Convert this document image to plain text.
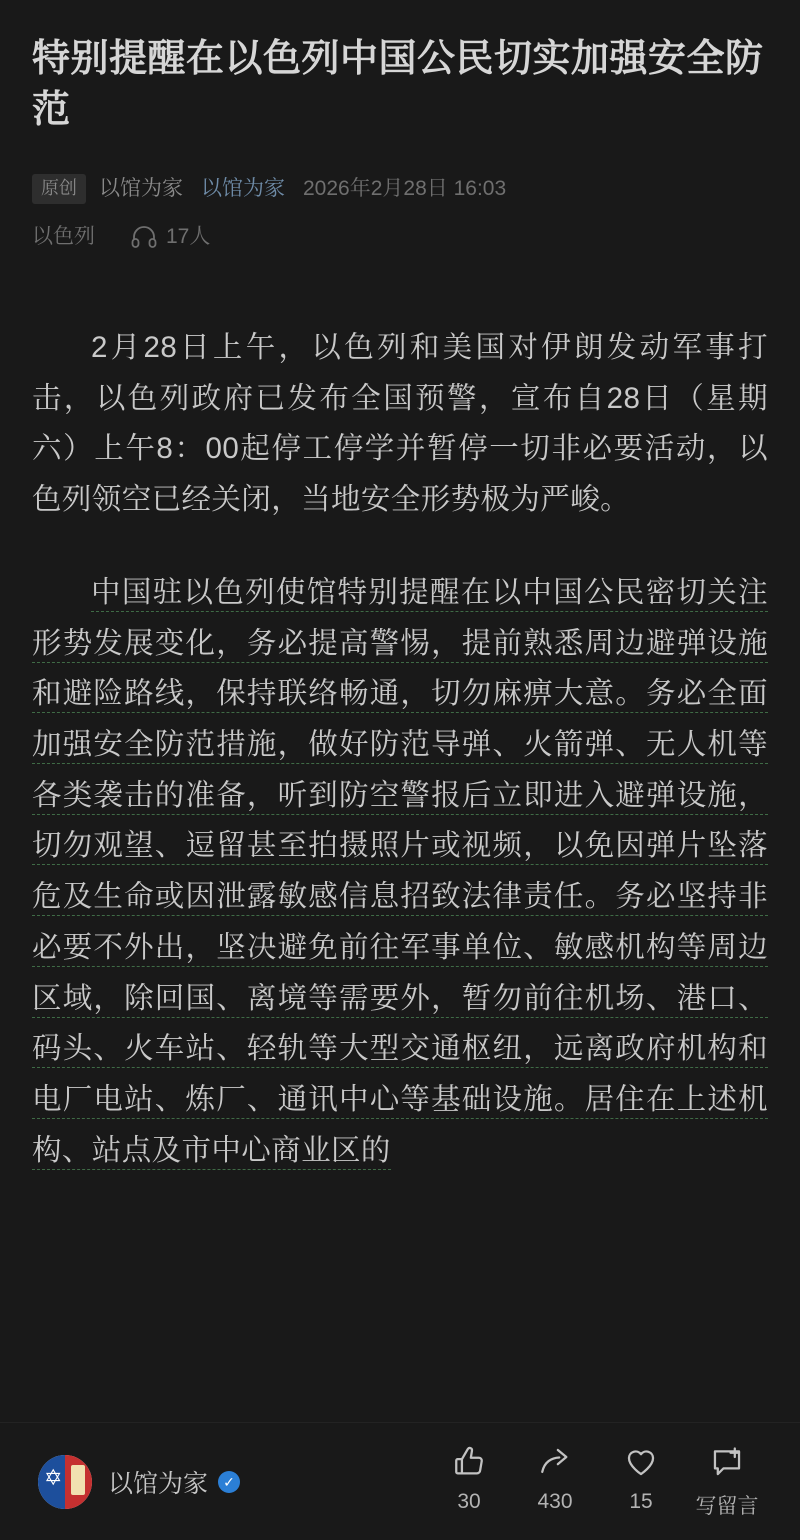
特别提醒在以色列中国公民切实加强安全防范
原创	以馆为家 以馆为家 2026年2月28日 16:03
以色列	17人

2月28日上午，以色列和美国对伊朗发动军事打击，以色列政府已发布全国预警，宣布自28日（星期六）上午8：00起停工停学并暂停一切非必要活动，以色列领空已经关闭，当地安全形势极为严峻。

中国驻以色列使馆特别提醒在以中国公民密切关注形势发展变化，务必提高警惕，提前熟悉周边避弹设施和避险路线，保持联络畅通，切勿麻痹大意。务必全面加强安全防范措施，做好防范导弹、火箭弹、无人机等各类袭击的准备，听到防空警报后立即进入避弹设施，切勿观望、逗留甚至拍摄照片或视频，以免因弹片坠落危及生命或因泄露敏感信息招致法律责任。务必坚持非必要不外出，坚决避免前往军事单位、敏感机构等周边区域，除回国、离境等需要外，暂勿前往机场、港口、码头、火车站、轻轨等大型交通枢纽，远离政府机构和电厂电站、炼厂、通讯中心等基础设施。居住在上述机构、站点及市中心商业区的

✡ 以馆为家	✓
30	430	15 写留言
